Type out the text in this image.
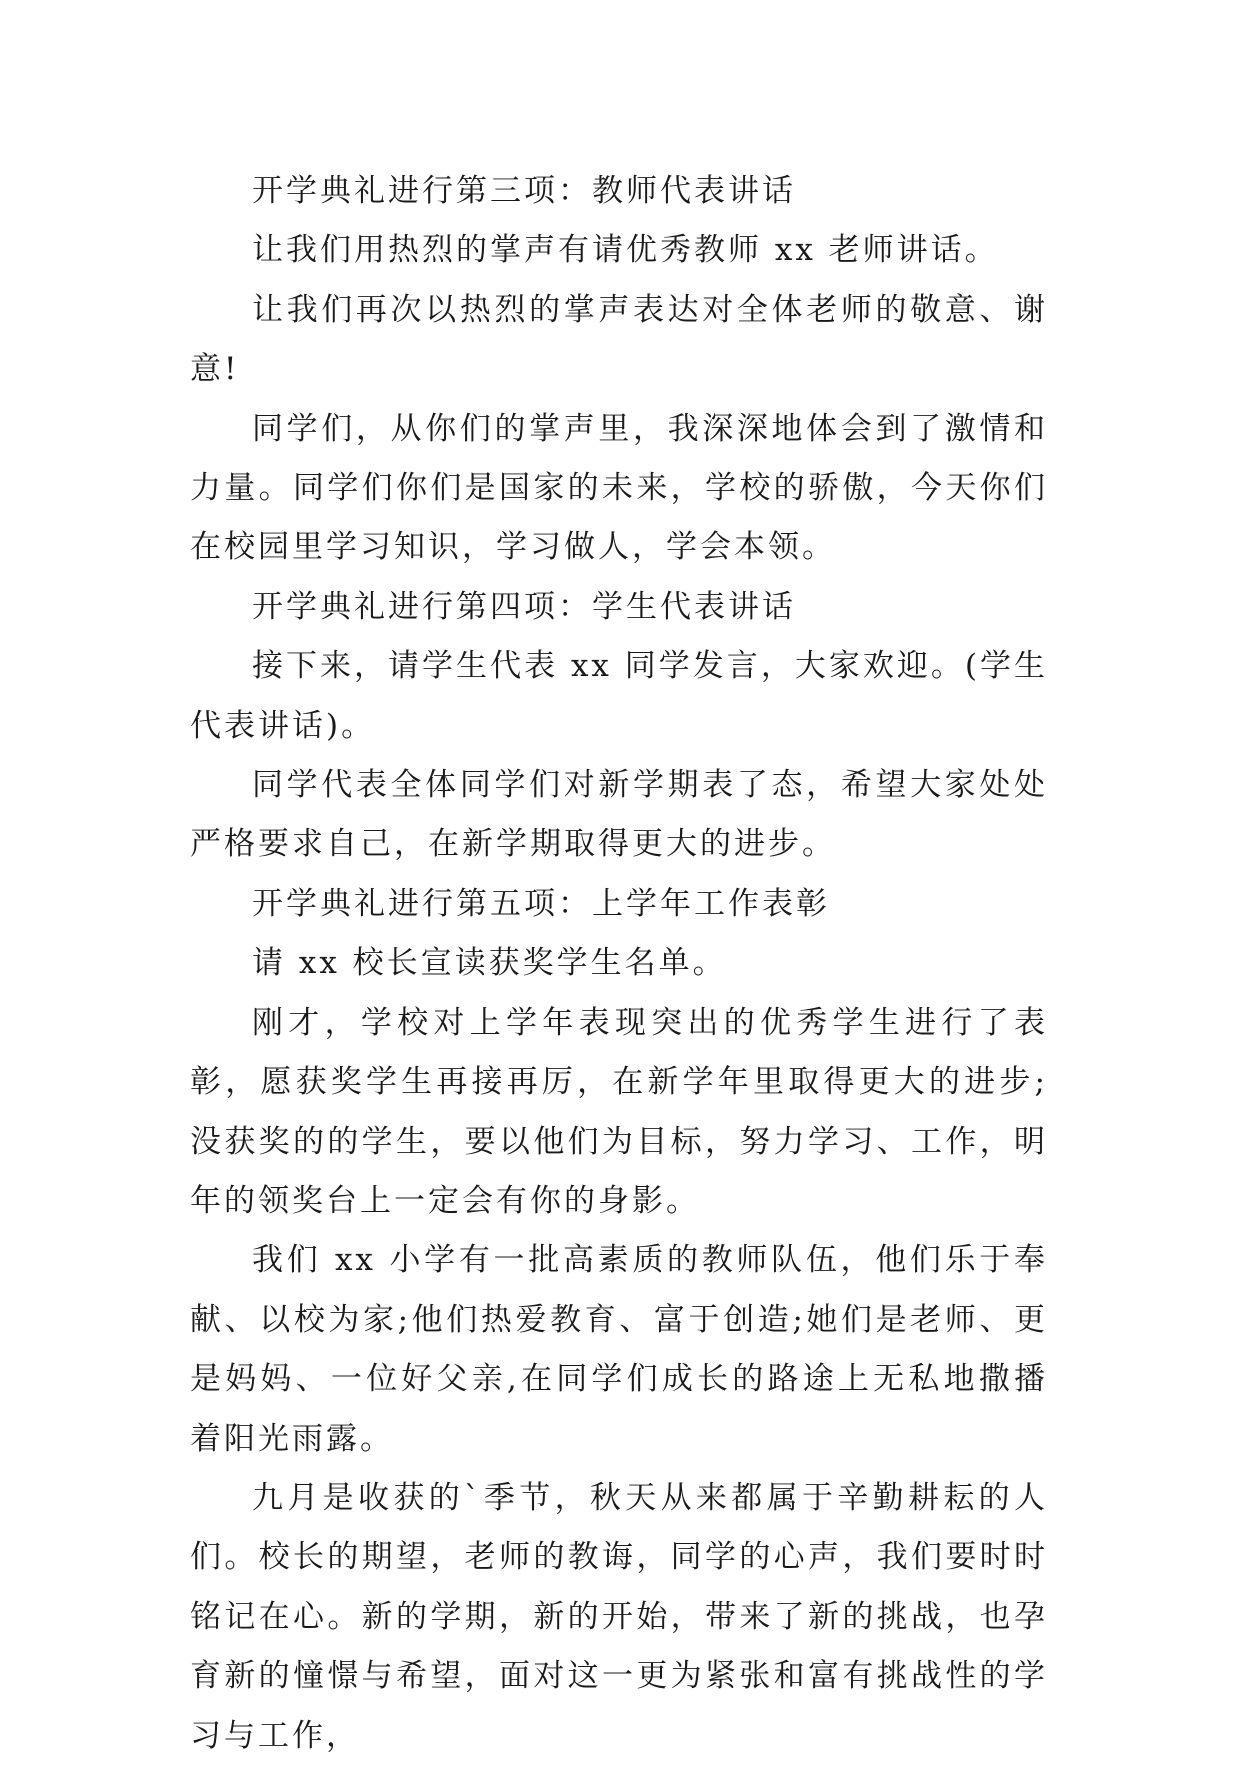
开学典礼进行第三项：教师代表讲话

让我们用热烈的掌声有请优秀教师 xx 老师讲话。

让我们再次以热烈的掌声表达对全体老师的敬意、谢意!

同学们，从你们的掌声里，我深深地体会到了激情和力量。同学们你们是国家的未来，学校的骄傲，今天你们在校园里学习知识，学习做人，学会本领。

开学典礼进行第四项：学生代表讲话

接下来，请学生代表 xx 同学发言，大家欢迎。(学生代表讲话)。

同学代表全体同学们对新学期表了态，希望大家处处严格要求自己，在新学期取得更大的进步。

开学典礼进行第五项：上学年工作表彰

请 xx 校长宣读获奖学生名单。

刚才，学校对上学年表现突出的优秀学生进行了表彰，愿获奖学生再接再厉，在新学年里取得更大的进步;没获奖的的学生，要以他们为目标，努力学习、工作，明年的领奖台上一定会有你的身影。

我们 xx 小学有一批高素质的教师队伍，他们乐于奉献、以校为家;他们热爱教育、富于创造;她们是老师、更是妈妈、一位好父亲,在同学们成长的路途上无私地撒播着阳光雨露。

九月是收获的`季节，秋天从来都属于辛勤耕耘的人们。校长的期望，老师的教诲，同学的心声，我们要时时铭记在心。新的学期，新的开始，带来了新的挑战，也孕育新的憧憬与希望，面对这一更为紧张和富有挑战性的学习与工作，
